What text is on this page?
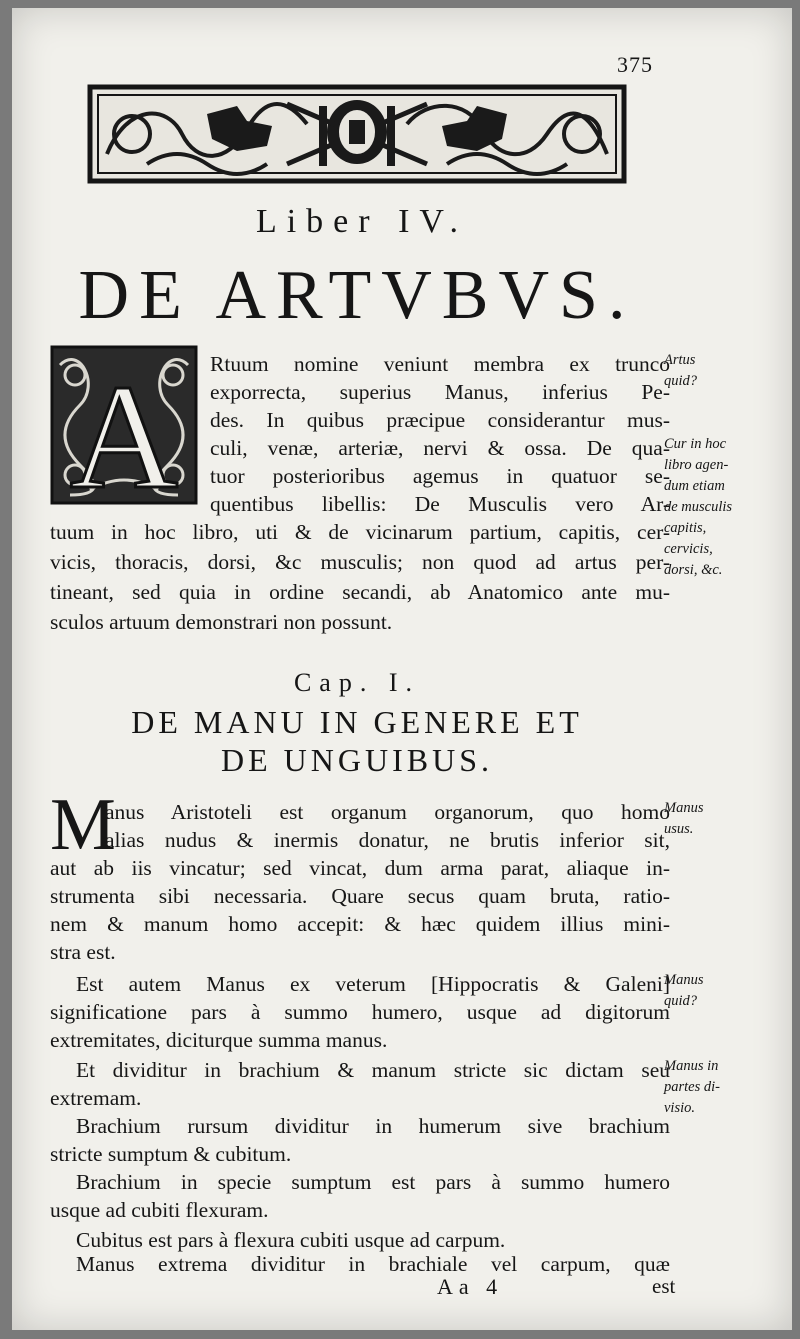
375
Liber IV.
DE ARTVBVS.
A Rtuum nomine veniunt membra ex trunco
exporrecta, superius Manus, inferius Pe-
des. In quibus præcipue considerantur mus-
culi, venæ, arteriæ, nervi & ossa. De qua-
tuor posterioribus agemus in quatuor se-
quentibus libellis: De Musculis vero Ar-
tuum in hoc libro, uti & de vicinarum partium, capitis, cer-
vicis, thoracis, dorsi, &c musculis; non quod ad artus per-
tineant, sed quia in ordine secandi, ab Anatomico ante mu-
sculos artuum demonstrari non possunt.
Artus
quid?
Cur in hoc
libro agen-
dum etiam
de musculis
capitis,
cervicis,
dorsi, &c.
Cap. I.
DE MANU IN GENERE ET
DE UNGUIBUS.
M
anus Aristoteli est organum organorum, quo homo
alias nudus & inermis donatur, ne brutis inferior sit,
aut ab iis vincatur; sed vincat, dum arma parat, aliaque in-
strumenta sibi necessaria. Quare secus quam bruta, ratio-
nem & manum homo accepit: & hæc quidem illius mini-
stra est.
Est autem Manus ex veterum [Hippocratis & Galeni]
significatione pars à summo humero, usque ad digitorum
extremitates, diciturque summa manus.
Et dividitur in brachium & manum stricte sic dictam seu
extremam.
Brachium rursum dividitur in humerum sive brachium
stricte sumptum & cubitum.
Brachium in specie sumptum est pars à summo humero
usque ad cubiti flexuram.
Cubitus est pars à flexura cubiti usque ad carpum.
Manus extrema dividitur in brachiale vel carpum, quæ
Manus
usus.
Manus
quid?
Manus in
partes di-
visio.
Aa 4	est
